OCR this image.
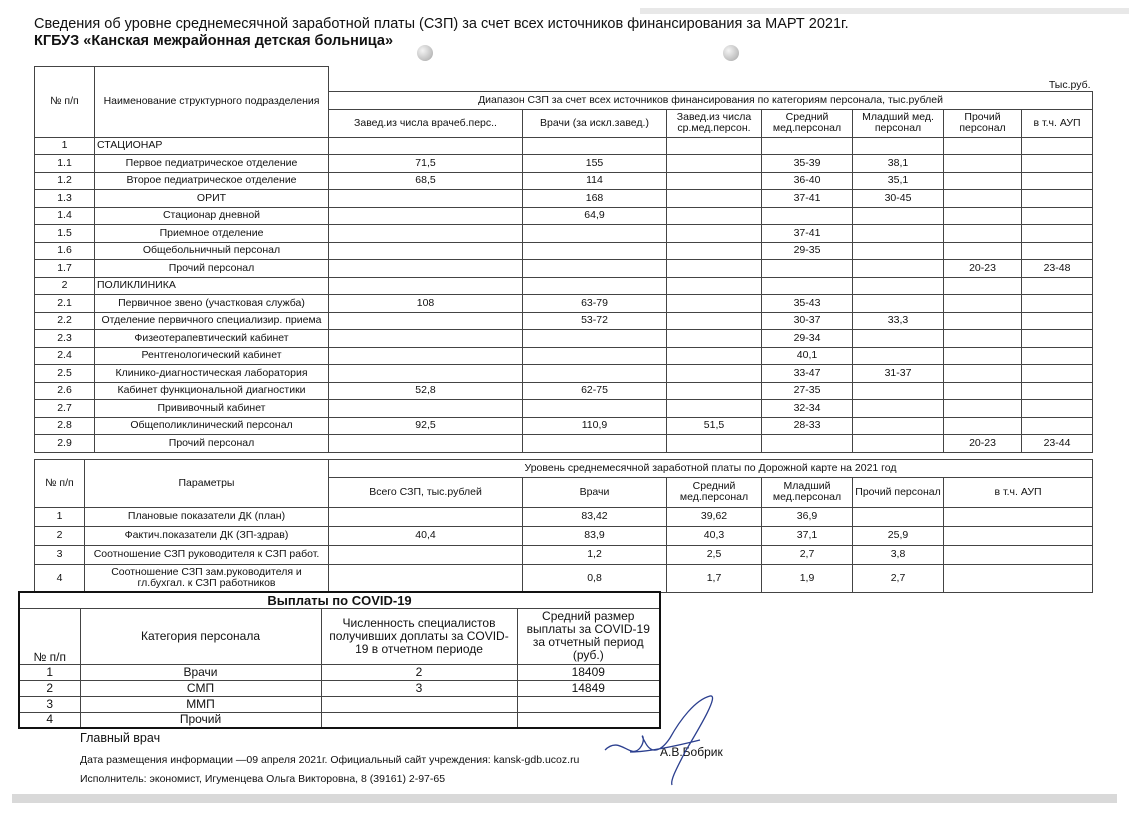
Сведения об уровне среднемесячной заработной платы (СЗП) за счет всех источников финансирования за МАРТ 2021г.
КГБУЗ «Канская межрайонная детская больница»
№ п/п	Наименование структурного подразделения	Тыс.руб.						
		Диапазон СЗП за счет всех источников финансирования по категориям персонала, тыс.рублей						
		Завед.из числа врачеб.перс..	Врачи (за искл.завед.)	Завед.из числа ср.мед.персон.	Средний мед.персонал	Младший мед. персонал	Прочий персонал	в т.ч. АУП
1	СТАЦИОНАР							
1.1	Первое педиатрическое отделение	71,5	155		35-39	38,1		
1.2	Второе педиатрическое отделение	68,5	114		36-40	35,1		
1.3	ОРИТ		168		37-41	30-45		
1.4	Стационар дневной		64,9					
1.5	Приемное отделение				37-41			
1.6	Общебольничный персонал				29-35			
1.7	Прочий персонал						20-23	23-48
2	ПОЛИКЛИНИКА							
2.1	Первичное звено (участковая служба)	108	63-79		35-43			
2.2	Отделение первичного специализир. приема		53-72		30-37	33,3		
2.3	Физеотерапевтический кабинет				29-34			
2.4	Рентгенологический кабинет				40,1			
2.5	Клинико-диагностическая лаборатория				33-47	31-37		
2.6	Кабинет функциональной диагностики	52,8	62-75		27-35			
2.7	Прививочный кабинет				32-34			
2.8	Общеполиклинический персонал	92,5	110,9	51,5	28-33			
2.9	Прочий персонал						20-23	23-44
№ п/п	Параметры	Уровень среднемесячной заработной платы по Дорожной карте на 2021 год					
		Всего СЗП, тыс.рублей	Врачи	Средний мед.персонал	Младший мед.персонал	Прочий персонал	в т.ч. АУП
1	Плановые показатели ДК (план)		83,42	39,62	36,9		
2	Фактич.показатели ДК (ЗП-здрав)	40,4	83,9	40,3	37,1	25,9	
3	Соотношение СЗП руководителя к СЗП работ.		1,2	2,5	2,7	3,8	
4	Соотношение СЗП зам.руководителя и гл.бухгал. к СЗП работников		0,8	1,7	1,9	2,7	
Выплаты по COVID-19			
№ п/п	Категория персонала	Численность специалистов получивших доплаты за COVID-19 в отчетном периоде	Средний размер выплаты за COVID-19 за отчетный период (руб.)
1	Врачи	2	18409
2	СМП	3	14849
3	ММП		
4	Прочий		
Главный врач
А.В.Бобрик
Дата размещения информации —09 апреля 2021г. Официальный сайт учреждения: kansk-gdb.ucoz.ru
Исполнитель: экономист, Игуменцева Ольга Викторовна, 8 (39161) 2-97-65
